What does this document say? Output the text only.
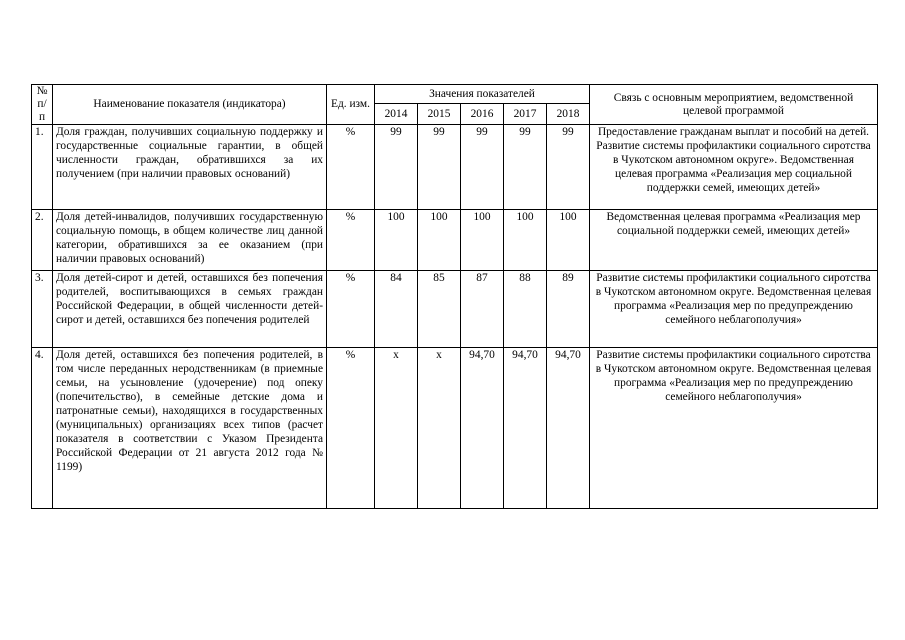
№ п/п	Наименование показателя (индикатора)	Ед. изм.	Значения показателей					Связь с основным мероприятием, ведомственной целевой программой
			2014	2015	2016	2017	2018	
1.	Доля граждан, получивших социальную поддержку и государственные социальные гарантии, в общей численности граждан, обратившихся за их получением (при наличии правовых оснований)	%	99	99	99	99	99	Предоставление гражданам выплат и пособий на детей. Развитие системы профилактики социального сиротства в Чукотском автономном округе». Ведомственная целевая программа «Реализация мер социальной поддержки семей, имеющих детей»
2.	Доля детей-инвалидов, получивших государственную социальную помощь, в общем количестве лиц данной категории, обратившихся за ее оказанием (при наличии правовых оснований)	%	100	100	100	100	100	Ведомственная целевая программа «Реализация мер социальной поддержки семей, имеющих детей»
3.	Доля детей-сирот и детей, оставшихся без попечения родителей, воспитывающихся в семьях граждан Российской Федерации, в общей численности детей-сирот и детей, оставшихся без попечения родителей	%	84	85	87	88	89	Развитие системы профилактики социального сиротства в Чукотском автономном округе. Ведомственная целевая программа «Реализация мер по предупреждению семейного неблагополучия»
4.	Доля детей, оставшихся без попечения родителей, в том числе переданных неродственникам (в приемные семьи, на усыновление (удочерение) под опеку (попечительство), в семейные детские дома и патронатные семьи), находящихся в государственных (муниципальных) организациях всех типов (расчет показателя в соответствии с Указом Президента Российской Федерации от 21 августа 2012 года № 1199)	%	х	х	94,70	94,70	94,70	Развитие системы профилактики социального сиротства в Чукотском автономном округе. Ведомственная целевая программа «Реализация мер по предупреждению семейного неблагополучия»
